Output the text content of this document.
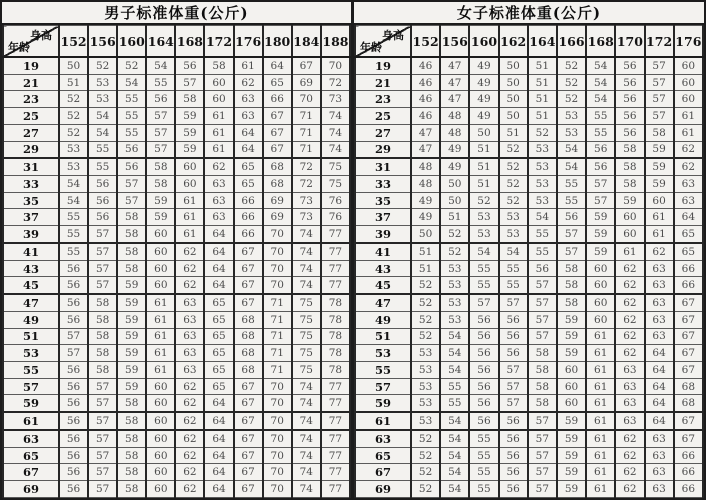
男子标准体重(公斤)
身高
年龄	152	156	160	164	168	172	176	180	184	188
19	50	52	52	54	56	58	61	64	67	70
21	51	53	54	55	57	60	62	65	69	72
23	52	53	55	56	58	60	63	66	70	73
25	52	54	55	57	59	61	63	67	71	74
27	52	54	55	57	59	61	64	67	71	74
29	53	55	56	57	59	61	64	67	71	74
31	53	55	56	58	60	62	65	68	72	75
33	54	56	57	58	60	63	65	68	72	75
35	54	56	57	59	61	63	66	69	73	76
37	55	56	58	59	61	63	66	69	73	76
39	55	57	58	60	61	64	66	70	74	77
41	55	57	58	60	62	64	67	70	74	77
43	56	57	58	60	62	64	67	70	74	77
45	56	57	59	60	62	64	67	70	74	77
47	56	58	59	61	63	65	67	71	75	78
49	56	58	59	61	63	65	68	71	75	78
51	57	58	59	61	63	65	68	71	75	78
53	57	58	59	61	63	65	68	71	75	78
55	56	58	59	61	63	65	68	71	75	78
57	56	57	59	60	62	65	67	70	74	77
59	56	57	58	60	62	64	67	70	74	77
61	56	57	58	60	62	64	67	70	74	77
63	56	57	58	60	62	64	67	70	74	77
65	56	57	58	60	62	64	67	70	74	77
67	56	57	58	60	62	64	67	70	74	77
69	56	57	58	60	62	64	67	70	74	77
女子标准体重(公斤)
身高
年龄	152	156	160	162	164	166	168	170	172	176
19	46	47	49	50	51	52	54	56	57	60
21	46	47	49	50	51	52	54	56	57	60
23	46	47	49	50	51	52	54	56	57	60
25	46	48	49	50	51	53	55	56	57	61
27	47	48	50	51	52	53	55	56	58	61
29	47	49	51	52	53	54	56	58	59	62
31	48	49	51	52	53	54	56	58	59	62
33	48	50	51	52	53	55	57	58	59	63
35	49	50	52	52	53	55	57	59	60	63
37	49	51	53	53	54	56	59	60	61	64
39	50	52	53	53	55	57	59	60	61	65
41	51	52	54	54	55	57	59	61	62	65
43	51	53	55	55	56	58	60	62	63	66
45	52	53	55	55	57	58	60	62	63	66
47	52	53	57	57	57	58	60	62	63	67
49	52	53	56	56	57	59	60	62	63	67
51	52	54	56	56	57	59	61	62	63	67
53	53	54	56	56	58	59	61	62	64	67
55	53	54	56	57	58	60	61	63	64	67
57	53	55	56	57	58	60	61	63	64	68
59	53	55	56	57	58	60	61	63	64	68
61	53	54	56	56	57	59	61	63	64	67
63	52	54	55	56	57	59	61	62	63	67
65	52	54	55	56	57	59	61	62	63	66
67	52	54	55	56	57	59	61	62	63	66
69	52	54	55	56	57	59	61	62	63	66
